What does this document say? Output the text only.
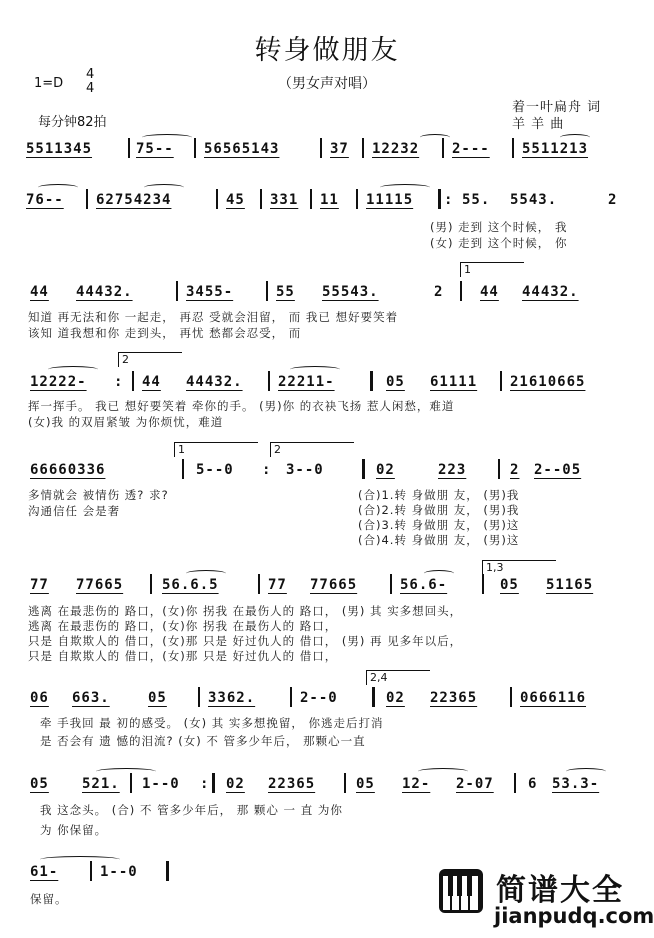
转身做朋友
（男女声对唱）
1=D
4
4
每分钟82拍
着一叶扁舟 词
羊 羊 曲
5511345	75-- 56565143	37 12232 2--- 5511213
76-- 62754234	45 331 11 11115 : 55. 5543.	2
(男) 走到 这个时候， 我
(女) 走到 这个时候， 你
1
44 44432.	3455-	55 55543.	2	44 44432.
知道 再无法和你 一起走， 再忍 受就会泪留， 而 我已 想好要笑着
该知 道我想和你 走到头， 再忧 愁都会忍受， 而
2
12222- : 44 44432.	22211-	05 61111 21610665
挥一挥手。 我已 想好要笑着 牵你的手。 (男)你 的衣袂飞扬 惹人闲愁，难道
(女)我 的双眉紧皱 为你烦忧，难道
1	2
66660336	5--0 : 3--0	02	223	2 2--05
多情就会 被情伤 透? 求?
沟通信任 会是奢
(合)1.转 身做朋 友， (男)我
(合)2.转 身做朋 友， (男)我
(合)3.转 身做朋 友， (男)这
(合)4.转 身做朋 友， (男)这
1,3
77 77665	56.6.5	77 77665	56.6-	05 51165
逃离 在最悲伤的 路口，(女)你 拐我 在最伤人的 路口， (男) 其 实多想回头，
逃离 在最悲伤的 路口，(女)你 拐我 在最伤人的 路口，
只是 自欺欺人的 借口，(女)那 只是 好过仇人的 借口， (男) 再 见多年以后，
只是 自欺欺人的 借口，(女)那 只是 好过仇人的 借口，
2,4
06 663.	05	3362.	2--0	02 22365	0666116
牵 手我回 最 初的感受。 (女) 其 实多想挽留， 你逃走后打消
是 否会有 遗 憾的泪流? (女) 不 管多少年后， 那颗心一直
05 521. 1--0 : 02 22365	05 12- 2-07 6 53.3-
我 这念头。 (合) 不 管多少年后， 那 颗心 一 直 为你
为 你保留。
61-	1--0
保留。	简谱大全
jianpudq.com
